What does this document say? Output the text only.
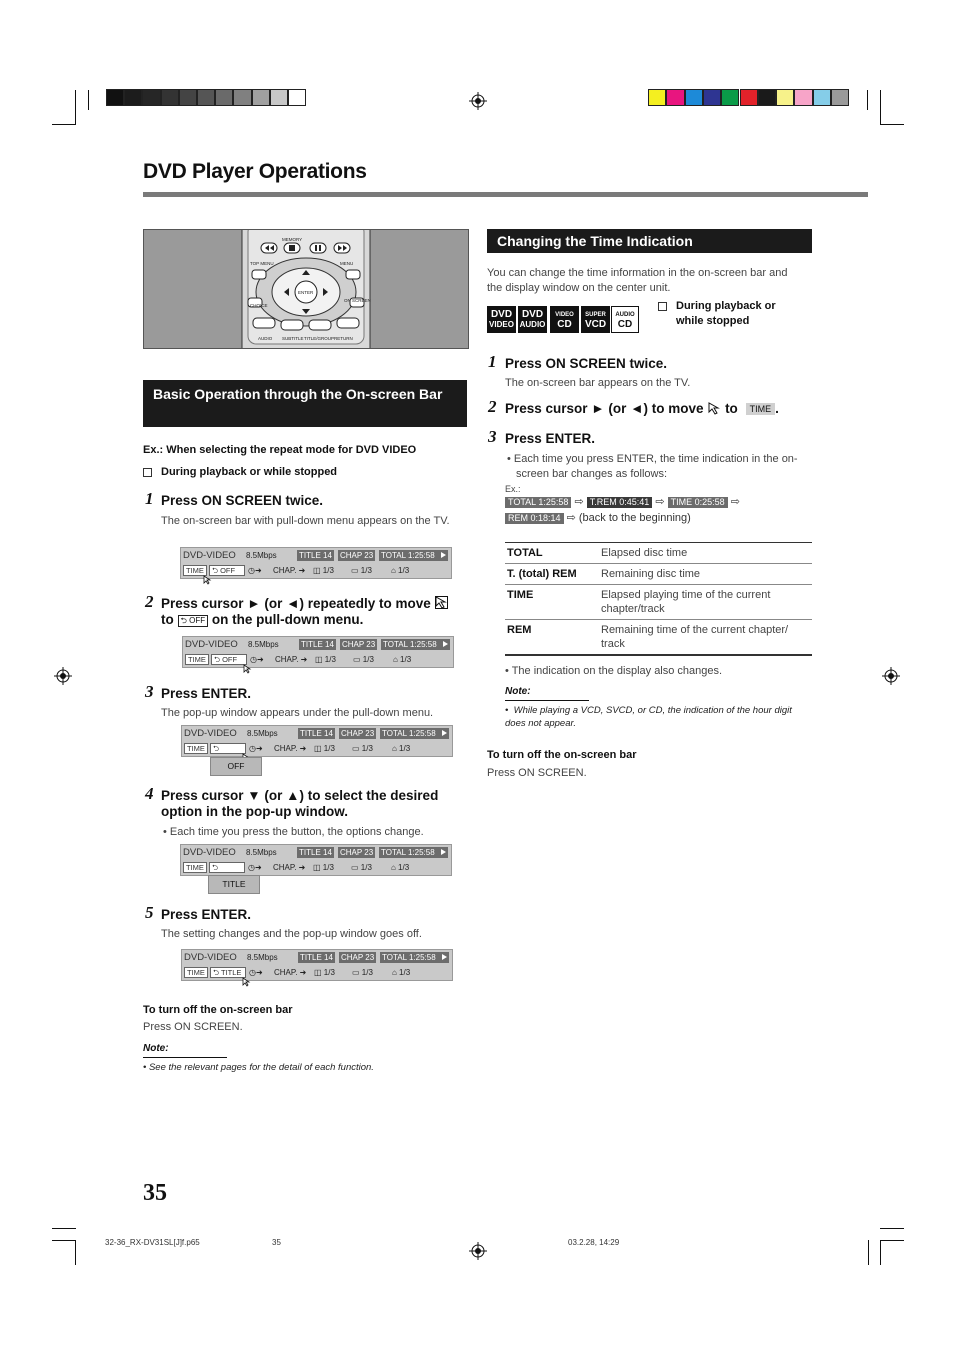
DVD Player Operations
MEMORY
TOP MENU	MENU
ENTER
CHOICE
ON SCREEN
AUDIO SUBTITLE TITLE/GROUP RETURN
Basic Operation through the On-screen Bar
Ex.: When selecting the repeat mode for DVD VIDEO
During playback or while stopped
1 Press ON SCREEN twice.
The on-screen bar with pull-down menu appears on the TV.
DVD-VIDEO 8.5Mbps	TITLE 14 CHAP 23 TOTAL 1:25:58
TIME	⮌ OFF	◷➜ CHAP. ➜ ◫ 1/3 ▭ 1/3 ⌂ 1/3
2 Press cursor ► (or ◄) repeatedly to move
to ⮌ OFF on the pull-down menu.
DVD-VIDEO 8.5Mbps	TITLE 14 CHAP 23 TOTAL 1:25:58
TIME	⮌ OFF	◷➜ CHAP. ➜ ◫ 1/3 ▭ 1/3 ⌂ 1/3
3 Press ENTER.
The pop-up window appears under the pull-down menu.
DVD-VIDEO 8.5Mbps	TITLE 14 CHAP 23 TOTAL 1:25:58
TIME	⮌	◷➜ CHAP. ➜ ◫ 1/3 ▭ 1/3 ⌂ 1/3
OFF
4 Press cursor ▼ (or ▲) to select the desired option in the pop-up window.
• Each time you press the button, the options change.
DVD-VIDEO 8.5Mbps	TITLE 14 CHAP 23 TOTAL 1:25:58
TIME	⮌	◷➜ CHAP. ➜ ◫ 1/3 ▭ 1/3 ⌂ 1/3
TITLE
5 Press ENTER.
The setting changes and the pop-up window goes off.
DVD-VIDEO 8.5Mbps	TITLE 14 CHAP 23 TOTAL 1:25:58
TIME	⮌ TITLE ◷➜ CHAP. ➜ ◫ 1/3 ▭ 1/3 ⌂ 1/3
To turn off the on-screen bar
Press ON SCREEN.
Note:
• See the relevant pages for the detail of each function.
Changing the Time Indication
You can change the time information in the on-screen bar and the display window on the center unit.
DVD
VIDEO
DVD
AUDIO
VIDEO
CD
SUPER
VCD
AUDIO
CD
During playback or while stopped
1 Press ON SCREEN twice.
The on-screen bar appears on the TV.
2 Press cursor ► (or ◄) to move to TIME .
3 Press ENTER.
• Each time you press ENTER, the time indication in the on-screen bar changes as follows:
Ex.:
TOTAL 1:25:58 ⇨ T.REM 0:45:41 ⇨ TIME 0:25:58 ⇨
REM 0:18:14 ⇨ (back to the beginning)
TOTAL	Elapsed disc time
T. (total) REM	Remaining disc time
TIME	Elapsed playing time of the current chapter/track
REM	Remaining time of the current chapter/ track
• The indication on the display also changes.
Note:
•  While playing a VCD, SVCD, or CD, the indication of the hour digit does not appear.
To turn off the on-screen bar
Press ON SCREEN.
35
32-36_RX-DV31SL[J]f.p65	35	03.2.28, 14:29
